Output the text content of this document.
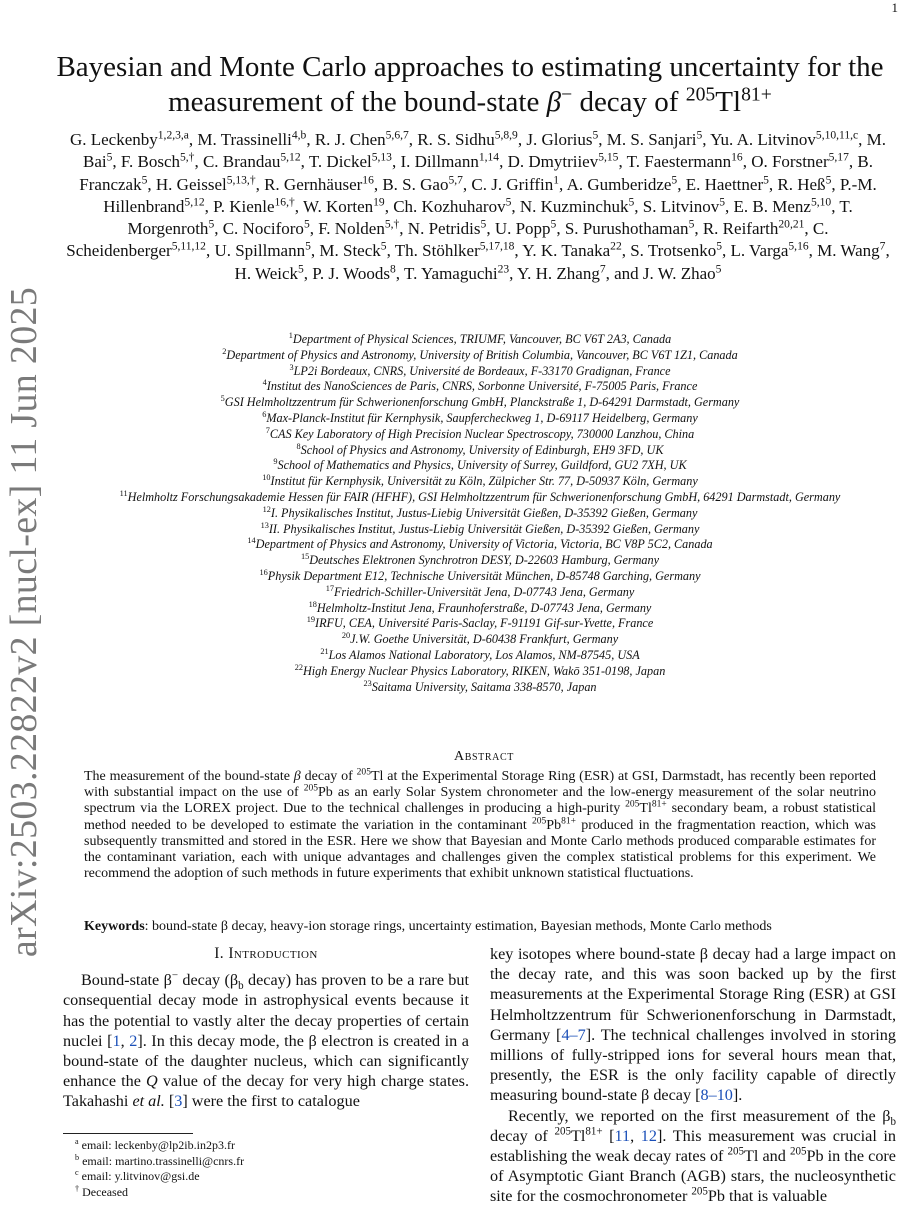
1
arXiv:2503.22822v2 [nucl-ex] 11 Jun 2025
Bayesian and Monte Carlo approaches to estimating uncertainty for the
measurement of the bound-state β− decay of $^{205}Tl^{81+}$
G. Leckenby$^{1,2,3,a}$, M. Trassinelli$^{4,b}$, R. J. Chen$^{5,6,7}$, R. S. Sidhu$^{5,8,9}$, J. Glorius$^5$, M. S. Sanjari$^5$, Yu. A. Litvinov$^{5,10,11,c}$, M. Bai$^5$, F. Bosch$^{5,\dagger}$, C. Brandau$^{5,12}$, T. Dickel$^{5,13}$, I. Dillmann$^{1,14}$, D. Dmytriiev$^{5,15}$, T. Faestermann$^{16}$, O. Forstner$^{5,17}$, B. Franczak$^5$, H. Geissel$^{5,13,\dagger}$, R. Gernhäuser$^{16}$, B. S. Gao$^{5,7}$, C. J. Griffin$^1$, A. Gumberidze$^5$, E. Haettner$^5$, R. Heß$^5$, P.-M. Hillenbrand$^{5,12}$, P. Kienle$^{16,\dagger}$, W. Korten$^{19}$, Ch. Kozhuharov$^5$, N. Kuzminchuk$^5$, S. Litvinov$^5$, E. B. Menz$^{5,10}$, T. Morgenroth$^5$, C. Nociforo$^5$, F. Nolden$^{5,\dagger}$, N. Petridis$^5$, U. Popp$^5$, S. Purushothaman$^5$, R. Reifarth$^{20,21}$, C. Scheidenberger$^{5,11,12}$, U. Spillmann$^5$, M. Steck$^5$, Th. Stöhlker$^{5,17,18}$, Y. K. Tanaka$^{22}$, S. Trotsenko$^5$, L. Varga$^{5,16}$, M. Wang$^7$, H. Weick$^5$, P. J. Woods$^8$, T. Yamaguchi$^{23}$, Y. H. Zhang$^7$, and J. W. Zhao$^5$
$^1$Department of Physical Sciences, TRIUMF, Vancouver, BC V6T 2A3, Canada
$^2$Department of Physics and Astronomy, University of British Columbia, Vancouver, BC V6T 1Z1, Canada
$^3$LP2i Bordeaux, CNRS, Université de Bordeaux, F-33170 Gradignan, France
$^4$Institut des NanoSciences de Paris, CNRS, Sorbonne Université, F-75005 Paris, France
$^5$GSI Helmholtzzentrum für Schwerionenforschung GmbH, Planckstraße 1, D-64291 Darmstadt, Germany
$^6$Max-Planck-Institut für Kernphysik, Saupfercheckweg 1, D-69117 Heidelberg, Germany
$^7$CAS Key Laboratory of High Precision Nuclear Spectroscopy, 730000 Lanzhou, China
$^8$School of Physics and Astronomy, University of Edinburgh, EH9 3FD, UK
$^9$School of Mathematics and Physics, University of Surrey, Guildford, GU2 7XH, UK
$^{10}$Institut für Kernphysik, Universität zu Köln, Zülpicher Str. 77, D-50937 Köln, Germany
$^{11}$Helmholtz Forschungsakademie Hessen für FAIR (HFHF), GSI Helmholtzzentrum für Schwerionenforschung GmbH, 64291 Darmstadt, Germany
$^{12}$I. Physikalisches Institut, Justus-Liebig Universität Gießen, D-35392 Gießen, Germany
$^{13}$II. Physikalisches Institut, Justus-Liebig Universität Gießen, D-35392 Gießen, Germany
$^{14}$Department of Physics and Astronomy, University of Victoria, Victoria, BC V8P 5C2, Canada
$^{15}$Deutsches Elektronen Synchrotron DESY, D-22603 Hamburg, Germany
$^{16}$Physik Department E12, Technische Universität München, D-85748 Garching, Germany
$^{17}$Friedrich-Schiller-Universität Jena, D-07743 Jena, Germany
$^{18}$Helmholtz-Institut Jena, Fraunhoferstraße, D-07743 Jena, Germany
$^{19}$IRFU, CEA, Université Paris-Saclay, F-91191 Gif-sur-Yvette, France
$^{20}$J.W. Goethe Universität, D-60438 Frankfurt, Germany
$^{21}$Los Alamos National Laboratory, Los Alamos, NM-87545, USA
$^{22}$High Energy Nuclear Physics Laboratory, RIKEN, Wakō 351-0198, Japan
$^{23}$Saitama University, Saitama 338-8570, Japan
Abstract
The measurement of the bound-state β decay of $^{205}$Tl at the Experimental Storage Ring (ESR) at GSI, Darmstadt, has recently been reported with substantial impact on the use of $^{205}$Pb as an early Solar System chronometer and the low-energy measurement of the solar neutrino spectrum via the LOREX project. Due to the technical challenges in producing a high-purity $^{205}Tl^{81+}$ secondary beam, a robust statistical method needed to be developed to estimate the variation in the contaminant $^{205}Pb^{81+}$ produced in the fragmentation reaction, which was subsequently transmitted and stored in the ESR. Here we show that Bayesian and Monte Carlo methods produced comparable estimates for the contaminant variation, each with unique advantages and challenges given the complex statistical problems for this experiment. We recommend the adoption of such methods in future experiments that exhibit unknown statistical fluctuations.
Keywords: bound-state β decay, heavy-ion storage rings, uncertainty estimation, Bayesian methods, Monte Carlo methods
I. Introduction

Bound-state β− decay ($\beta_b$ decay) has proven to be a rare but consequential decay mode in astrophysical events because it has the potential to vastly alter the decay properties of certain nuclei [1, 2]. In this decay mode, the β electron is created in a bound-state of the daughter nucleus, which can significantly enhance the Q value of the decay for very high charge states. Takahashi et al. [3] were the first to catalogue

$^a$ email: leckenby@lp2ib.in2p3.fr
$^b$ email: martino.trassinelli@cnrs.fr
$^c$ email: y.litvinov@gsi.de
† Deceased

key isotopes where bound-state β decay had a large impact on the decay rate, and this was soon backed up by the first measurements at the Experimental Storage Ring (ESR) at GSI Helmholtzzentrum für Schwerionenforschung in Darmstadt, Germany [4–7]. The technical challenges involved in storing millions of fully-stripped ions for several hours mean that, presently, the ESR is the only facility capable of directly measuring bound-state β decay [8–10].

Recently, we reported on the first measurement of the $\beta_b$ decay of $^{205}Tl^{81+}$ [11, 12]. This measurement was crucial in establishing the weak decay rates of $^{205}$Tl and $^{205}$Pb in the core of Asymptotic Giant Branch (AGB) stars, the nucleosynthetic site for the cosmochronometer $^{205}$Pb that is valuable
